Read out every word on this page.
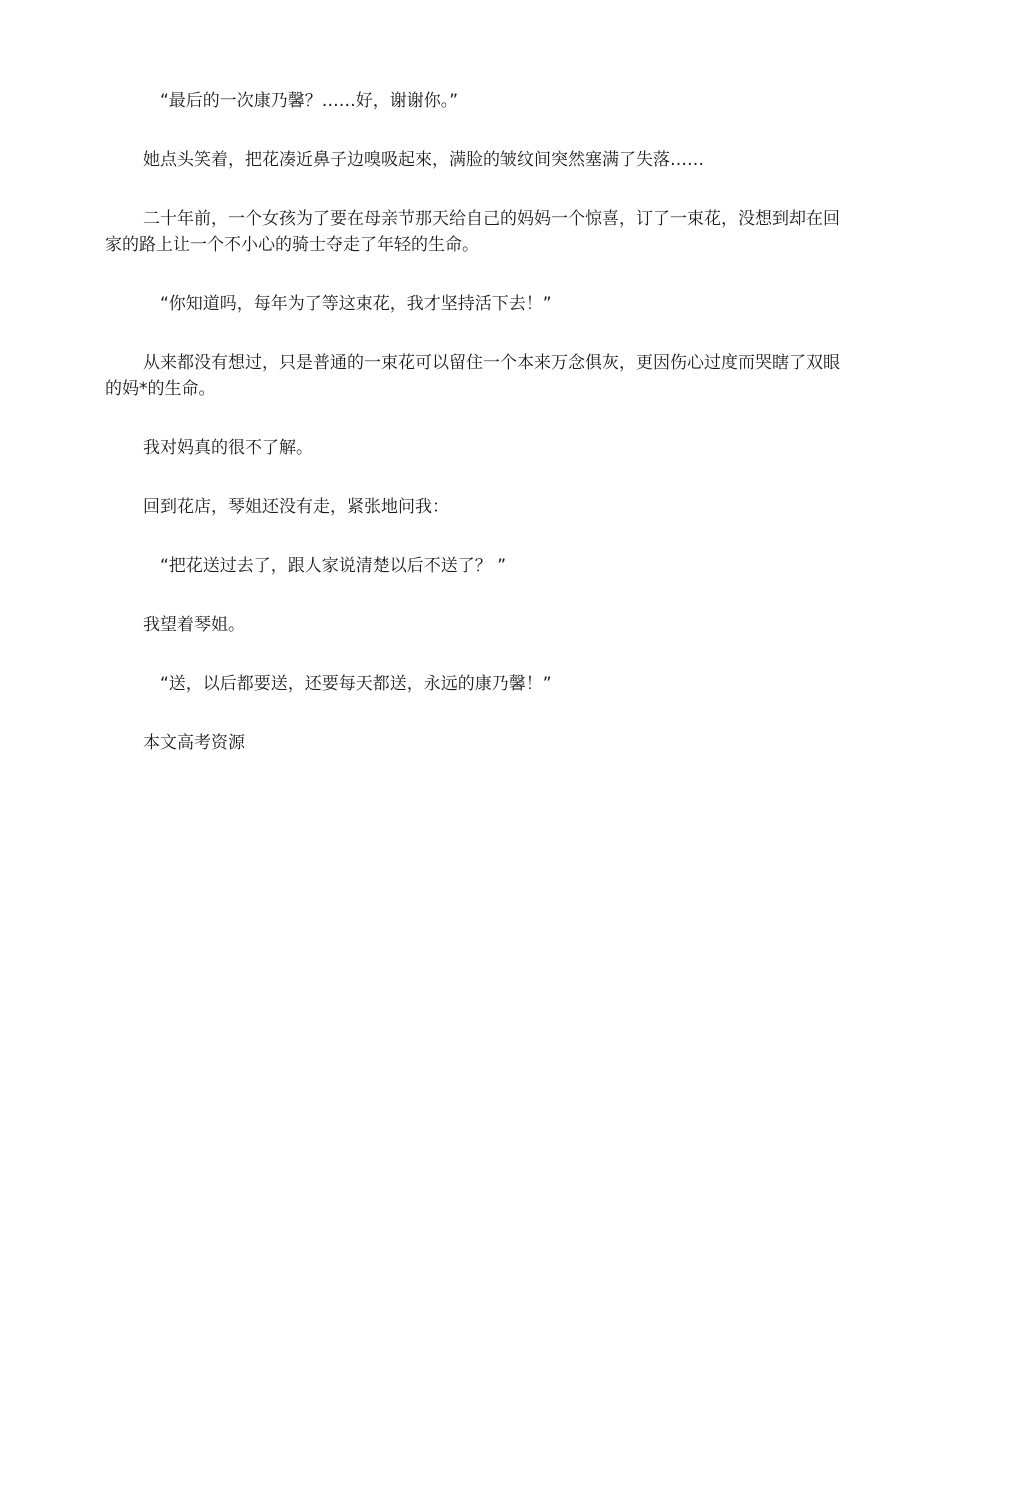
“最后的一次康乃馨？……好，谢谢你。”

她点头笑着，把花凑近鼻子边嗅吸起來，满脸的皱纹间突然塞满了失落……

二十年前，一个女孩为了要在母亲节那天给自己的妈妈一个惊喜，订了一束花，没想到却在回家的路上让一个不小心的骑士夺走了年轻的生命。

“你知道吗，每年为了等这束花，我才坚持活下去！”

从来都没有想过，只是普通的一束花可以留住一个本来万念俱灰，更因伤心过度而哭瞎了双眼的妈*的生命。

我对妈真的很不了解。

回到花店，琴姐还没有走，紧张地问我：

“把花送过去了，跟人家说清楚以后不送了？ ”

我望着琴姐。

“送，以后都要送，还要每天都送，永远的康乃馨！”

本文高考资源
